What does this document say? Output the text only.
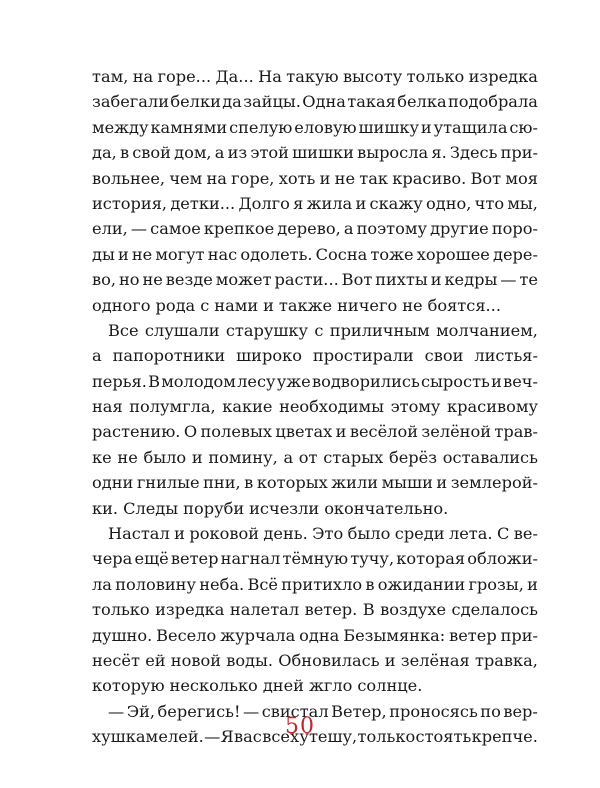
там, на горе... Да... На такую высоту только изредка
забегали белки да зайцы. Одна такая белка подобрала
между камнями спелую еловую шишку и утащила сю-
да, в свой дом, а из этой шишки выросла я. Здесь при-
вольнее, чем на горе, хоть и не так красиво. Вот моя
история, детки... Долго я жила и скажу одно, что мы,
ели, — самое крепкое дерево, а поэтому другие поро-
ды и не могут нас одолеть. Сосна тоже хорошее дере-
во, но не везде может расти... Вот пихты и кедры — те
одного рода с нами и также ничего не боятся...
Все слушали старушку с приличным молчанием,
а папоротники широко простирали свои листья-
перья. В молодом лесу уже водворились сырость и веч-
ная полумгла, какие необходимы этому красивому
растению. О полевых цветах и весёлой зелёной трав-
ке не было и помину, а от старых берёз оставались
одни гнилые пни, в которых жили мыши и землерой-
ки. Следы поруби исчезли окончательно.
Настал и роковой день. Это было среди лета. С ве-
чера ещё ветер нагнал тёмную тучу, которая обложи-
ла половину неба. Всё притихло в ожидании грозы, и
только изредка налетал ветер. В воздухе сделалось
душно. Весело журчала одна Безымянка: ветер при-
несёт ей новой воды. Обновилась и зелёная травка,
которую несколько дней жгло солнце.
— Эй, берегись! — свистал Ветер, проносясь по вер-
хушкам елей. — Я вас всех утешу, только стоять крепче.
50
